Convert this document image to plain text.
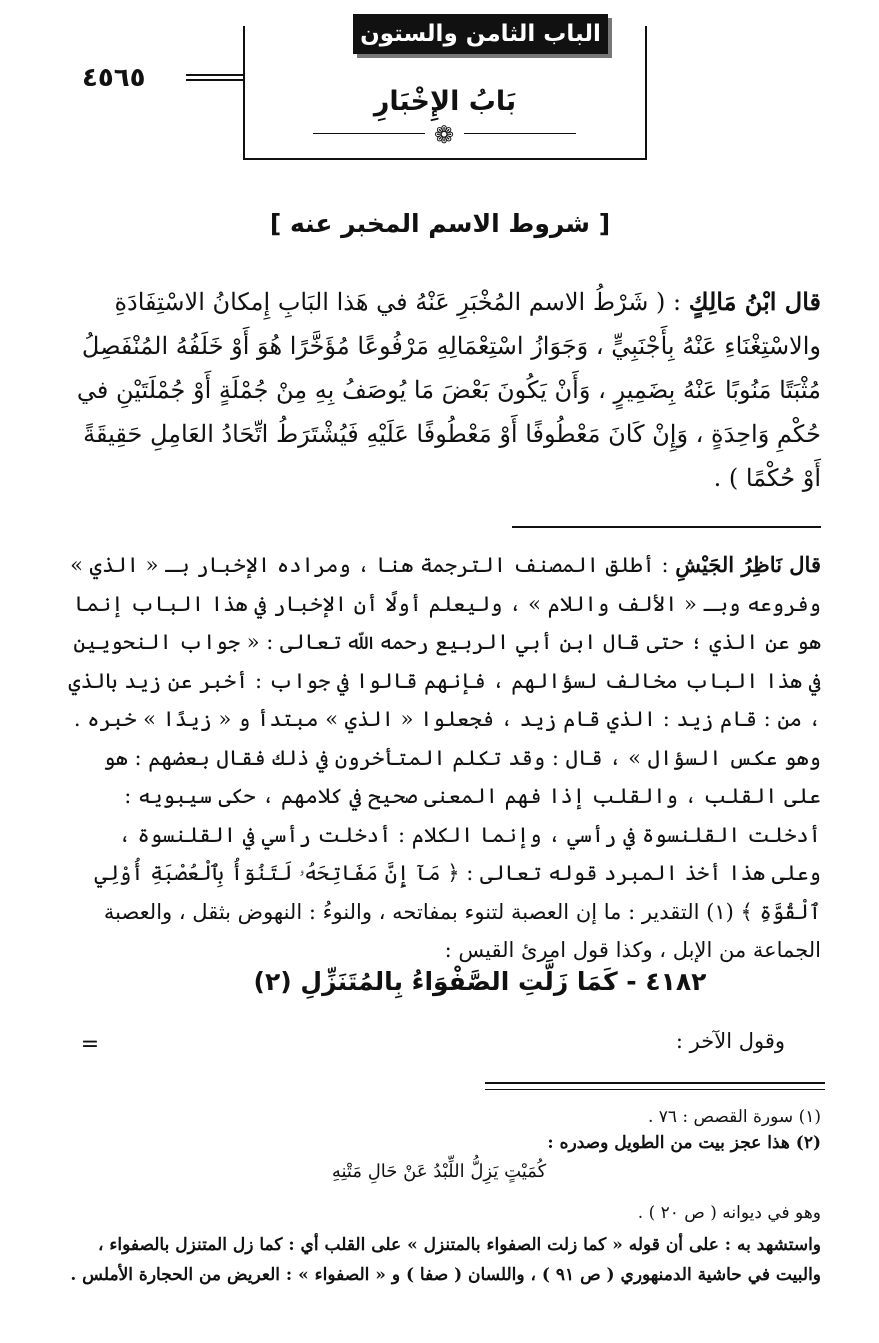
الباب الثامن والستون
٤٥٦٥
بَابُ الإِخْبَارِ
❁
[ شروط الاسم المخبر عنه ]
قال ابْنُ مَالِكٍ : ( شَرْطُ الاسم المُخْبَرِ عَنْهُ في هَذا البَابِ إِمكانُ الاسْتِفَادَةِ والاسْتِغْنَاءِ عَنْهُ بِأَجْنَبِيٍّ ، وَجَوَازُ اسْتِعْمَالِهِ مَرْفُوعًا مُؤَخَّرًا هُوَ أَوْ خَلَفُهُ المُنْفَصِلُ مُثْبَتًا مَنُوبًا عَنْهُ بِضَمِيرٍ ، وَأَنْ يَكُونَ بَعْضَ مَا يُوصَفُ بِهِ مِنْ جُمْلَةٍ أَوْ جُمْلَتَيْنِ في حُكْمِ وَاحِدَةٍ ، وَإِنْ كَانَ مَعْطُوفًا أَوْ مَعْطُوفًا عَلَيْهِ فَيُشْتَرَطُ اتِّحَادُ العَامِلِ حَقِيقَةً أَوْ حُكْمًا ) .
قال نَاظِرُ الجَيْشِ : أطلق المصنف الترجمة هنا ، ومراده الإخبار بـ « الذي » وفروعه وبـ « الألف واللام » ، وليعلم أولًا أن الإخبار في هذا الباب إنما هو عن الذي ؛ حتى قال ابن أبي الربيع رحمه اللّه تعالى : « جواب النحويين في هذا الباب مخالف لسؤالهم ، فإنهم قالوا في جواب : أخبر عن زيد بالذي ، من : قام زيد : الذي قام زيد ، فجعلوا « الذي » مبتدأ و « زيدًا » خبره . وهو عكس السؤال » ، قال : وقد تكلم المتأخرون في ذلك فقال بعضهم : هو على القلب ، والقلب إذا فهم المعنى صحيح في كلامهم ، حكى سيبويه : أدخلت القلنسوة في رأسي ، وإنما الكلام : أدخلت رأسي في القلنسوة ، وعلى هذا أخذ المبرد قوله تعالى : ﴿ مَآ إِنَّ مَفَاتِحَهُۥ لَتَنُوٓأُ بِٱلْعُصْبَةِ أُوْلِي ٱلْقُوَّةِ ﴾ (١) التقدير : ما إن العصبة لتنوء بمفاتحه ، والنوءُ : النهوض بثقل ، والعصبة الجماعة من الإبل ، وكذا قول امرئ القيس :
٤١٨٢ - كَمَا زَلَّتِ الصَّفْوَاءُ بِالمُتَنَزِّلِ (٢)
وقول الآخر :
=
(١) سورة القصص : ٧٦ .
(٢) هذا عجز بيت من الطويل وصدره :
كُمَيْتٍ يَزِلُّ اللِّبْدُ عَنْ حَالِ مَتْنِهِ
وهو في ديوانه ( ص ٢٠ ) .
واستشهد به : على أن قوله « كما زلت الصفواء بالمتنزل » على القلب أي : كما زل المتنزل بالصفواء ،
والبيت في حاشية الدمنهوري ( ص ٩١ ) ، واللسان ( صفا ) و « الصفواء » : العريض من الحجارة الأملس .
